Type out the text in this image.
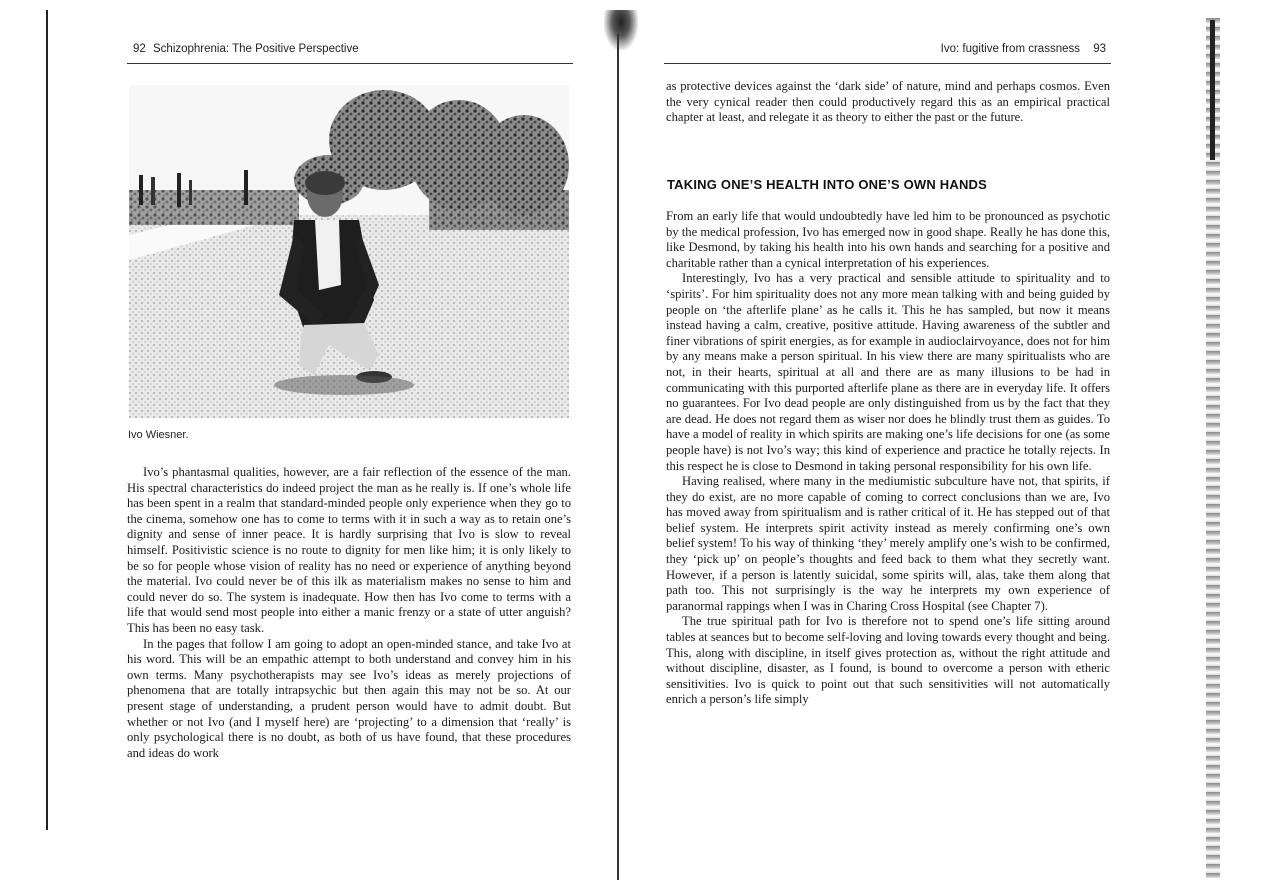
92 Schizophrenia: The Positive Perspective
Ivo Wiesner.

Ivo’s phantasmal qualities, however, are a fair reflection of the essence of the man. His spectral characteristics do indeed project the man as he really is. If one’s whole life has been spent in a realm that standard-minded people only experience when they go to the cinema, somehow one has to come to terms with it in such a way as to retain one’s dignity and sense of inner peace. It is hardly surprising that Ivo is slow to reveal himself. Positivistic science is no route to dignity for men like him; it is only likely to be so for people whose vision of reality has no need or experience of anything beyond the material. Ivo could never be of this ilk as materialism makes no sense to him and could never do so. The system is inadequate. How then has Ivo come to terms with a life that would send most people into either a manic frenzy or a state of utter anguish? This has been no easy task.

In the pages that follow I am going to adopt an open-minded stance, and take Ivo at his word. This will be an empathic attempt to both understand and convey him in his own terms. Many psychotherapists may see Ivo’s ideas as merely projections of phenomena that are totally intrapsychic but then again this may not be so. At our present stage of understanding, a prudent person would have to admit doubt. But whether or not Ivo (and I myself here) are ‘projecting’ to a dimension that ‘really’ is only psychological there is no doubt, as both of us have found, that these procedures and ideas do work

Ivo: fugitive from crassness 93

as protective devices against the ‘dark side’ of nature, mind and perhaps cosmos. Even the very cynical reader then could productively regard this as an empirical practical chapter at least, and relegate it as theory to either the past or the future.

TAKING ONE’S HEALTH INTO ONE’S OWN HANDS

From an early life that would undoubtedly have led him to be pronounced as psychotic by the medical profession, Ivo has emerged now in good shape. Really he has done this, like Desmond, by taking his health into his own hands and searching for a positive and charitable rather than a cynical interpretation of his experiences.

Interestingly, Ivo has a very practical and sensible attitude to spirituality and to ‘spirits’. For him spirituality does not any more mean talking with and being guided by people on ‘the afterlife plane’ as he calls it. This he has sampled, but now it means instead having a calm, creative, positive attitude. Having awareness of the subtler and finer vibrations of spirit energies, as for example in audioclairvoyance, does not for him by any means make a person spiritual. In his view there are many spiritualists who are not, in their hearts, spiritual at all and there are as many illusions to be had in communicating with this purported afterlife plane as there are in everyday life. It offers no guarantees. For Ivo dead people are only distinguished from us by the fact that they are dead. He does not regard them as wiser nor does he blindly trust them as guides. To have a model of reality in which spirits are making one’s life decisions for one (as some people have) is not Ivo’s way; this kind of experience and practice he totally rejects. In this respect he is close to Desmond in taking personal responsibility for his own life.

Having realised, where many in the mediumistic subculture have not, that spirits, if they do exist, are no more capable of coming to correct conclusions than we are, Ivo has moved away from spiritualism and is rather critical of it. He has stepped out of that belief system. He interprets spirit activity instead as merely confirming one’s own belief system! To his way of thinking ‘they’ merely amplify one’s wish to be confirmed, they ‘pick up’ on people’s thoughts and feed back to them what they secretly want. However, if a person is latently suicidal, some spirits will, alas, take them along that path too. This not surprisingly is the way he interprets my own experience of paranormal rappings when I was in Charing Cross Hospital (see Chapter 7).

The true spiritual path for Ivo is therefore not to spend one’s life sitting around tables at seances but to become self-loving and loving towards every thought and being. This, along with discipline, in itself gives protection as, without the right attitude and without discipline, disaster, as I found, is bound to overcome a person with etheric sensitivities. Ivo is quick to point out that such sensitivities will not automatically enrich a person’s life simply
